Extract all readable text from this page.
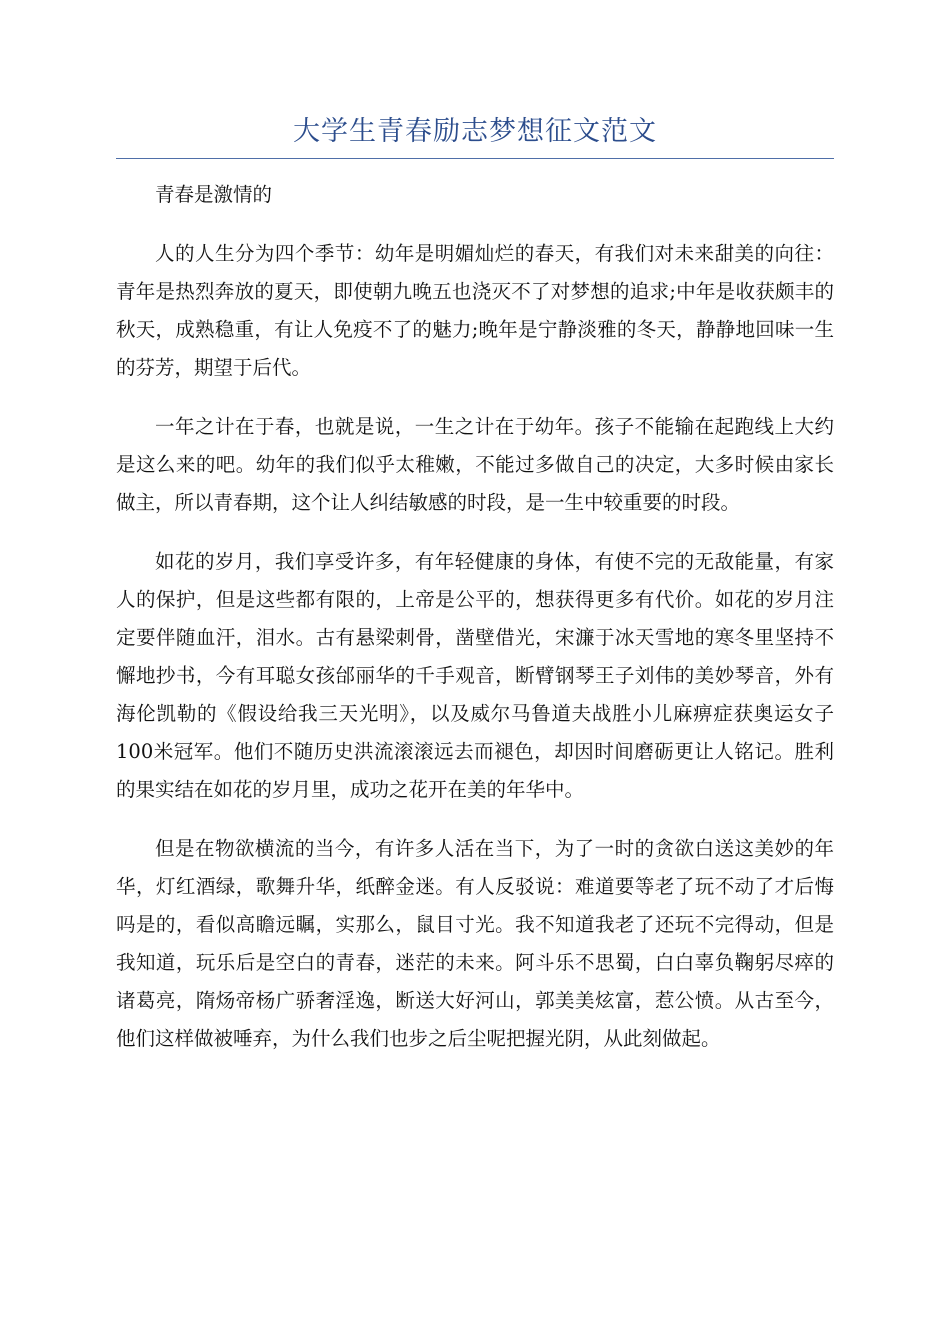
大学生青春励志梦想征文范文

青春是激情的

人的人生分为四个季节：幼年是明媚灿烂的春天，有我们对未来甜美的向往：青年是热烈奔放的夏天，即使朝九晚五也浇灭不了对梦想的追求;中年是收获颇丰的秋天，成熟稳重，有让人免疫不了的魅力;晚年是宁静淡雅的冬天，静静地回味一生的芬芳，期望于后代。

一年之计在于春，也就是说，一生之计在于幼年。孩子不能输在起跑线上大约是这么来的吧。幼年的我们似乎太稚嫩，不能过多做自己的决定，大多时候由家长做主，所以青春期，这个让人纠结敏感的时段，是一生中较重要的时段。

如花的岁月，我们享受许多，有年轻健康的身体，有使不完的无敌能量，有家人的保护，但是这些都有限的，上帝是公平的，想获得更多有代价。如花的岁月注定要伴随血汗，泪水。古有悬梁刺骨，凿壁借光，宋濂于冰天雪地的寒冬里坚持不懈地抄书，今有耳聪女孩邰丽华的千手观音，断臂钢琴王子刘伟的美妙琴音，外有海伦凯勒的《假设给我三天光明》，以及威尔马鲁道夫战胜小儿麻痹症获奥运女子100米冠军。他们不随历史洪流滚滚远去而褪色，却因时间磨砺更让人铭记。胜利的果实结在如花的岁月里，成功之花开在美的年华中。

但是在物欲横流的当今，有许多人活在当下，为了一时的贪欲白送这美妙的年华，灯红酒绿，歌舞升华，纸醉金迷。有人反驳说：难道要等老了玩不动了才后悔吗是的，看似高瞻远瞩，实那么，鼠目寸光。我不知道我老了还玩不完得动，但是我知道，玩乐后是空白的青春，迷茫的未来。阿斗乐不思蜀，白白辜负鞠躬尽瘁的诸葛亮，隋炀帝杨广骄奢淫逸，断送大好河山，郭美美炫富，惹公愤。从古至今，他们这样做被唾弃，为什么我们也步之后尘呢把握光阴，从此刻做起。
